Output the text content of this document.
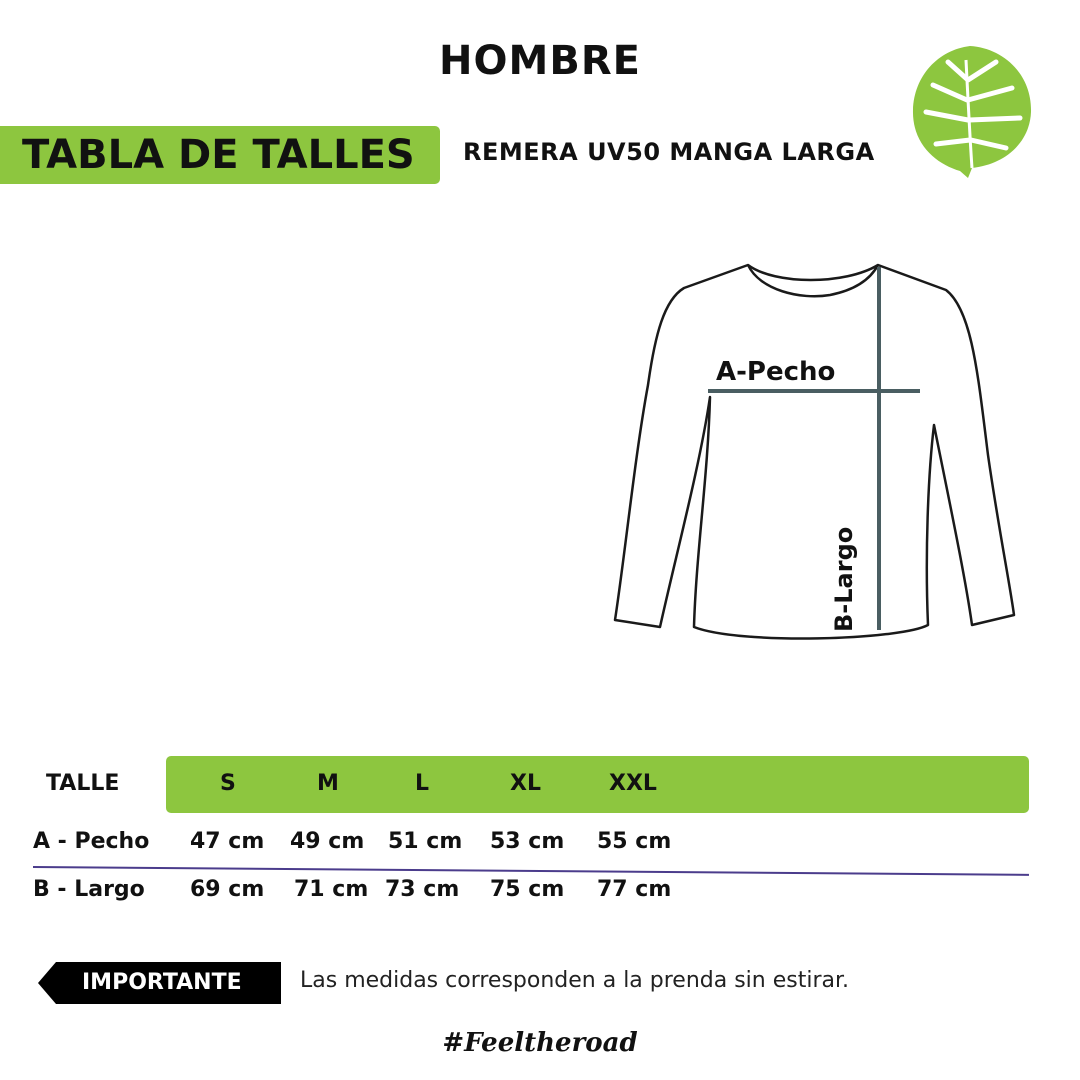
HOMBRE
TABLA DE TALLES REMERA UV50 MANGA LARGA
A-Pecho
B-Largo
TALLE	S	M	L	XL	XXL
A - Pecho 47 cm 49 cm 51 cm 53 cm 55 cm
B - Largo 69 cm 71 cm 73 cm 75 cm 77 cm
IMPORTANTE	Las medidas corresponden a la prenda sin estirar.
#Feeltheroad
